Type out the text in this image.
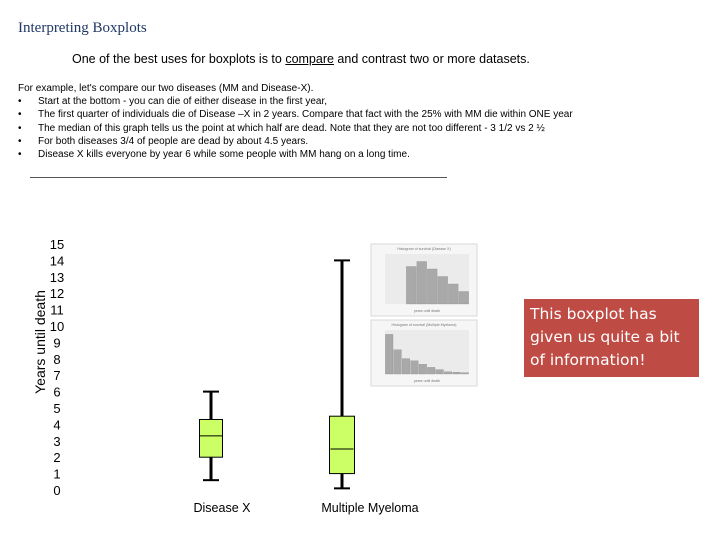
Interpreting Boxplots
One of the best uses for boxplots is to compare and contrast two or more datasets.
For example, let's compare our two diseases (MM and Disease-X).
• Start at the bottom - you can die of either disease in the first year,
• The first quarter of individuals die of Disease –X in 2 years. Compare that fact with the 25% with MM die within ONE year
• The median of this graph tells us the point at which half are dead. Note that they are not too different - 3 1/2 vs 2 ½
• For both diseases 3/4 of people are dead by about 4.5 years.
• Disease X kills everyone by year 6 while some people with MM hang on a long time.
Years until death
0
1
2
3
4
5
6
7
8
9
10
11
12
13
14
15
Disease X	Multiple Myeloma
Histogram of survival (Disease X)
years until death
Histogram of survival (Multiple Myeloma)
years until death
This boxplot has
given us quite a bit
of information!
